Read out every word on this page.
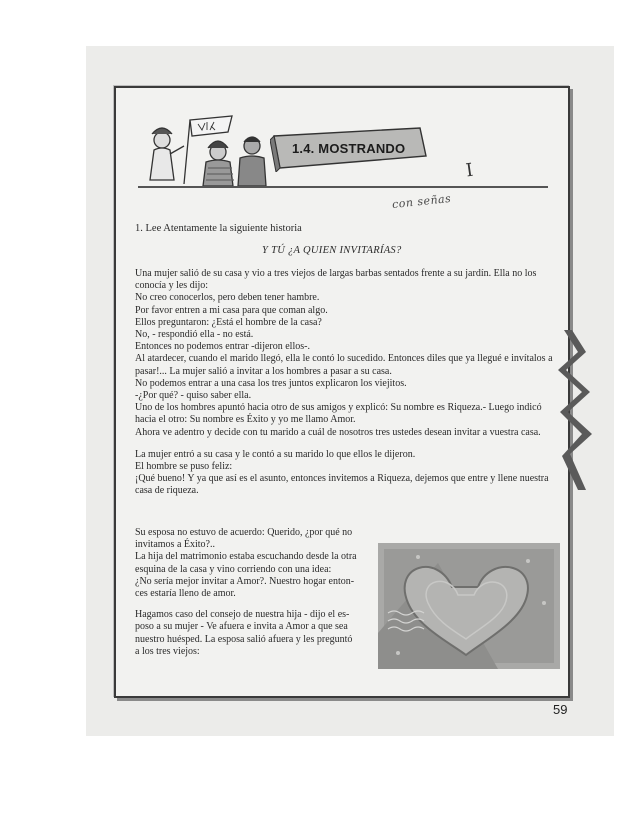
1.4. MOSTRANDO
I
con señas
1. Lee Atentamente la siguiente historia
Y TÚ ¿A QUIEN INVITARÍAS?

Una mujer salió de su casa y vio a tres viejos de largas barbas sentados frente a su jardín. Ella no los

conocía y les dijo:

No creo conocerlos, pero deben tener hambre.

Por favor entren a mi casa para que coman algo.

Ellos preguntaron: ¿Está el hombre de la casa?

No, - respondió ella - no está.

Entonces no podemos entrar -dijeron ellos-.

Al atardecer, cuando el marido llegó, ella le contó lo sucedido. Entonces diles que ya llegué e invítalos a

pasar!... La mujer salió a invitar a los hombres a pasar a su casa.

No podemos entrar a una casa los tres juntos explicaron los viejitos.

-¿Por qué? - quiso saber ella.

Uno de los hombres apuntó hacia otro de sus amigos y explicó: Su nombre es Riqueza.- Luego indicó

hacia el otro: Su nombre es Éxito y yo me llamo Amor.

Ahora ve adentro y decide con tu marido a cuál de nosotros tres ustedes desean invitar a vuestra casa.

La mujer entró a su casa y le contó a su marido lo que ellos le dijeron.

El hombre se puso feliz:

¡Qué bueno! Y ya que así es el asunto, entonces invitemos a Riqueza, dejemos que entre y llene nuestra

casa de riqueza.

Su esposa no estuvo de acuerdo: Querido, ¿por qué no

invitamos a Éxito?..

La hija del matrimonio estaba escuchando desde la otra

esquina de la casa y vino corriendo con una idea:

¿No sería mejor invitar a Amor?. Nuestro hogar enton-

ces estaría lleno de amor.

Hagamos caso del consejo de nuestra hija - dijo el es-

poso a su mujer - Ve afuera e invita a Amor a que sea

nuestro huésped. La esposa salió afuera y les preguntó

a los tres viejos:

59
